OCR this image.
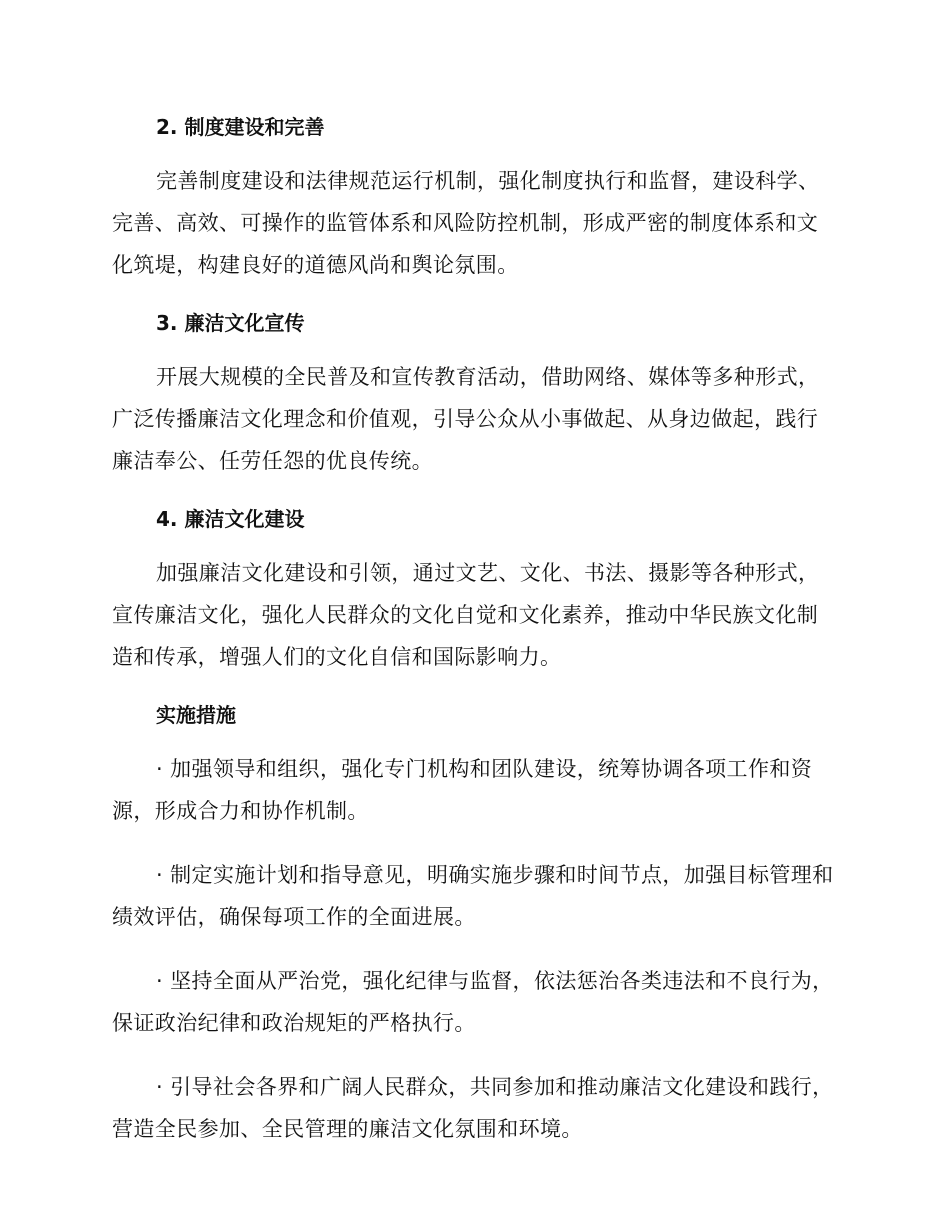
2. 制度建设和完善

完善制度建设和法律规范运行机制，强化制度执行和监督，建设科学、完善、高效、可操作的监管体系和风险防控机制，形成严密的制度体系和文化筑堤，构建良好的道德风尚和舆论氛围。

3. 廉洁文化宣传

开展大规模的全民普及和宣传教育活动，借助网络、媒体等多种形式，广泛传播廉洁文化理念和价值观，引导公众从小事做起、从身边做起，践行廉洁奉公、任劳任怨的优良传统。

4. 廉洁文化建设

加强廉洁文化建设和引领，通过文艺、文化、书法、摄影等各种形式，宣传廉洁文化，强化人民群众的文化自觉和文化素养，推动中华民族文化制造和传承，增强人们的文化自信和国际影响力。

实施措施

· 加强领导和组织，强化专门机构和团队建设，统筹协调各项工作和资源，形成合力和协作机制。

· 制定实施计划和指导意见，明确实施步骤和时间节点，加强目标管理和绩效评估，确保每项工作的全面进展。

· 坚持全面从严治党，强化纪律与监督，依法惩治各类违法和不良行为，保证政治纪律和政治规矩的严格执行。

· 引导社会各界和广阔人民群众，共同参加和推动廉洁文化建设和践行，营造全民参加、全民管理的廉洁文化氛围和环境。
